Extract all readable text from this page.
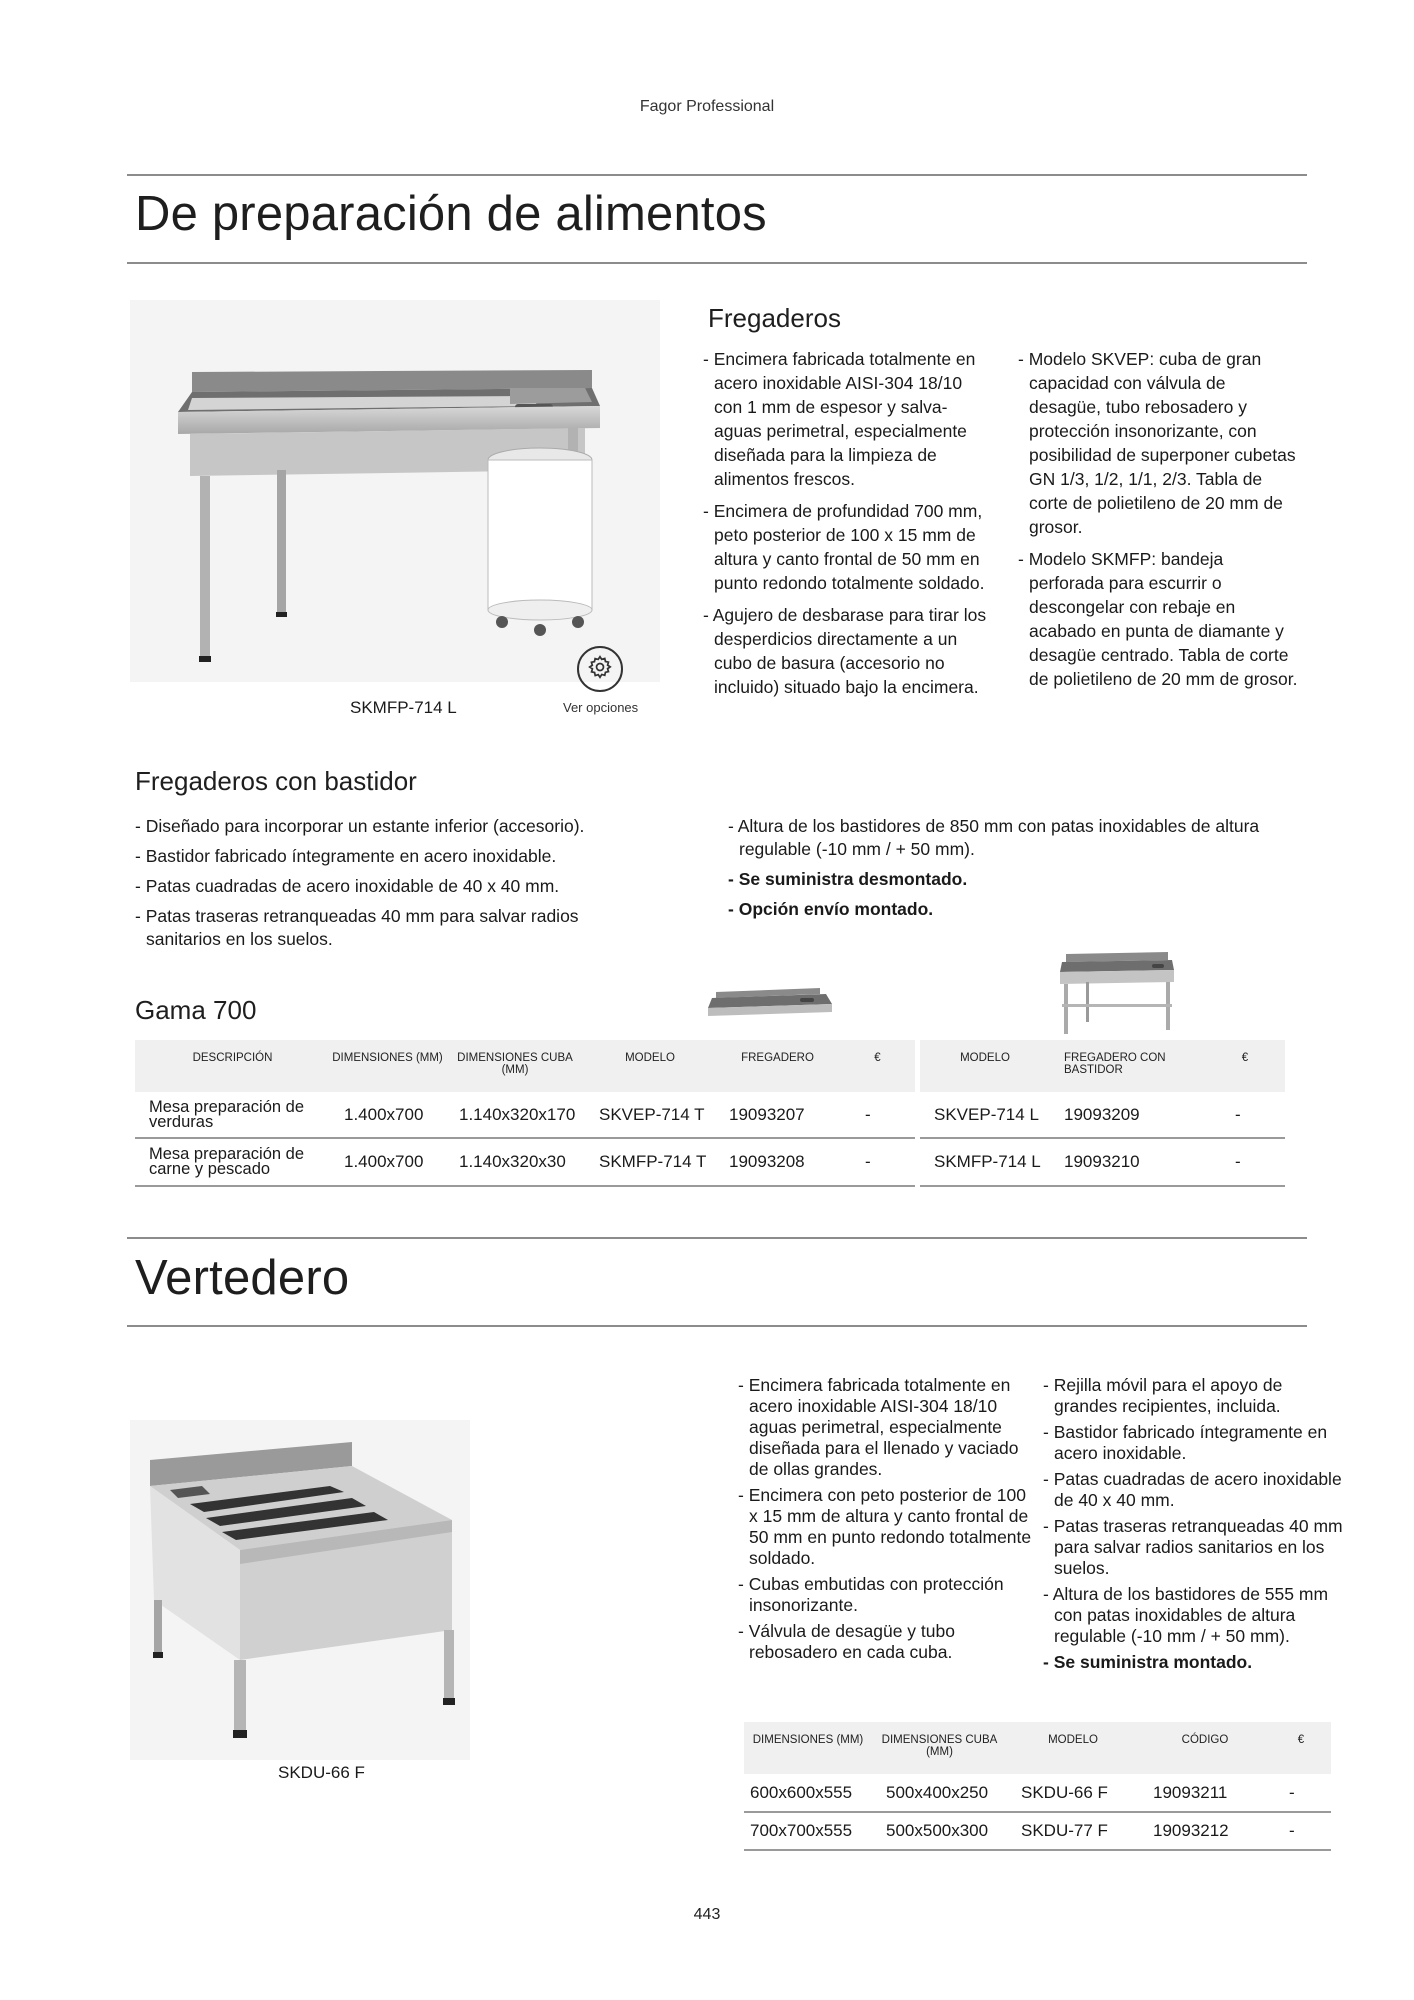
Fagor Professional
De preparación de alimentos
SKMFP-714 L	Ver opciones
Fregaderos
- Encimera fabricada totalmente en acero inoxidable AISI-304 18/10 con 1 mm de espesor y salva-aguas perimetral, especialmente diseñada para la limpieza de alimentos frescos.
- Encimera de profundidad 700 mm, peto posterior de 100 x 15 mm de altura y canto frontal de 50 mm en punto redondo totalmente soldado.
- Agujero de desbarase para tirar los desperdicios directamente a un cubo de basura (accesorio no incluido) situado bajo la encimera.
- Modelo SKVEP: cuba de gran capacidad con válvula de desagüe, tubo rebosadero y protección insonorizante, con posibilidad de superponer cubetas GN 1/3, 1/2, 1/1, 2/3. Tabla de corte de polietileno de 20 mm de grosor.
- Modelo SKMFP: bandeja perforada para escurrir o descongelar con rebaje en acabado en punta de diamante y desagüe centrado. Tabla de corte de polietileno de 20 mm de grosor.
Fregaderos con bastidor
- Diseñado para incorporar un estante inferior (accesorio).
- Bastidor fabricado íntegramente en acero inoxidable.
- Patas cuadradas de acero inoxidable de 40 x 40 mm.
- Patas traseras retranqueadas 40 mm para salvar radios sanitarios en los suelos.
- Altura de los bastidores de 850 mm con patas inoxidables de altura regulable (-10 mm / + 50 mm).
- Se suministra desmontado.
- Opción envío montado.
Gama 700
DESCRIPCIÓN	DIMENSIONES (MM)	DIMENSIONES CUBA (MM)	MODELO	FREGADERO	€
Mesa preparación de verduras	1.400x700	1.140x320x170	SKVEP-714 T	19093207	-
Mesa preparación de carne y pescado	1.400x700	1.140x320x30	SKMFP-714 T	19093208	-
MODELO	FREGADERO CON BASTIDOR	€
SKVEP-714 L	19093209	-
SKMFP-714 L	19093210	-
Vertedero
SKDU-66 F
- Encimera fabricada totalmente en acero inoxidable AISI-304 18/10 aguas perimetral, especialmente diseñada para el llenado y vaciado de ollas grandes.
- Encimera con peto posterior de 100 x 15 mm de altura y canto frontal de 50 mm en punto redondo totalmente soldado.
- Cubas embutidas con protección insonorizante.
- Válvula de desagüe y tubo rebosadero en cada cuba.
- Rejilla móvil para el apoyo de grandes recipientes, incluida.
- Bastidor fabricado íntegramente en acero inoxidable.
- Patas cuadradas de acero inoxidable de 40 x 40 mm.
- Patas traseras retranqueadas 40 mm para salvar radios sanitarios en los suelos.
- Altura de los bastidores de 555 mm con patas inoxidables de altura regulable (-10 mm / + 50 mm).
- Se suministra montado.
DIMENSIONES (MM)	DIMENSIONES CUBA (MM)	MODELO	CÓDIGO	€
600x600x555	500x400x250	SKDU-66 F	19093211	-
700x700x555	500x500x300	SKDU-77 F	19093212	-
443
